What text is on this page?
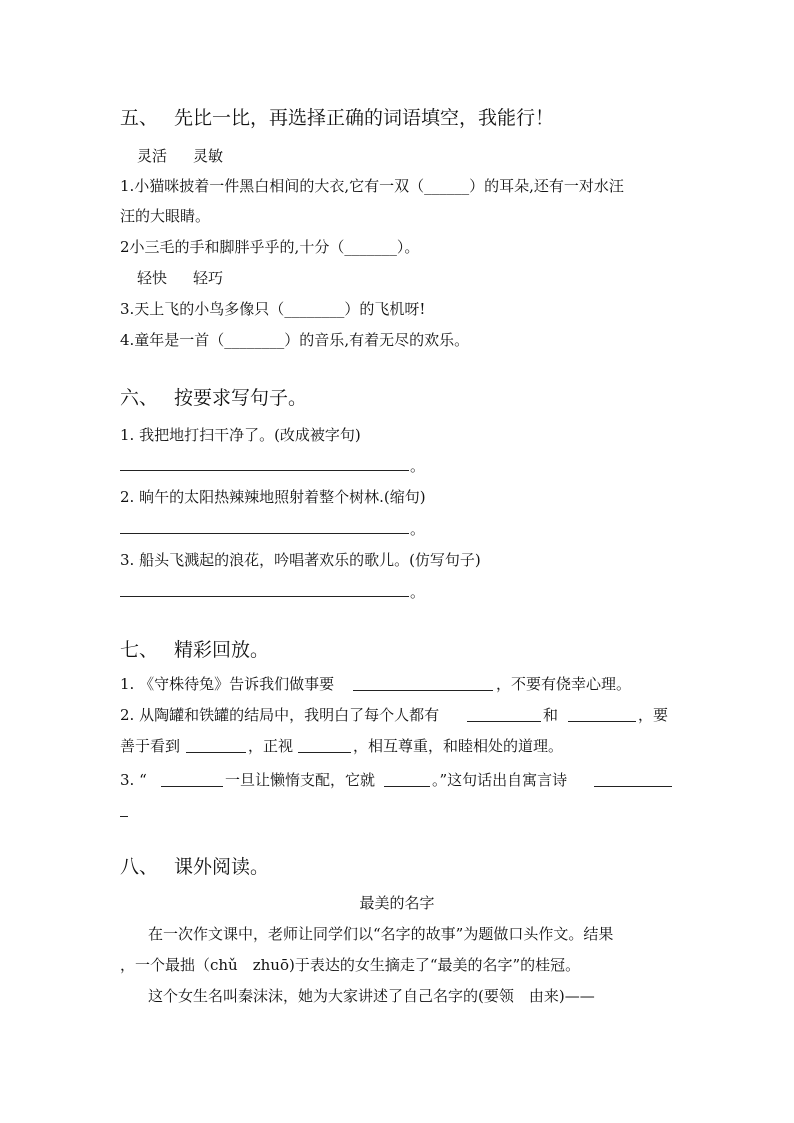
五、 先比一比，再选择正确的词语填空，我能行！
灵活 灵敏
1.小猫咪披着一件黑白相间的大衣,它有一双（______）的耳朵,还有一对水汪
汪的大眼睛。
2小三毛的手和脚胖乎乎的,十分（_______）。
轻快 轻巧
3.天上飞的小鸟多像只（________）的飞机呀!
4.童年是一首（________）的音乐,有着无尽的欢乐。
六、 按要求写句子。
1. 我把地打扫干净了。(改成被字句)
。
2. 晌午的太阳热辣辣地照射着整个树林.(缩句)
。
3. 船头飞溅起的浪花，吟唱著欢乐的歌儿。(仿写句子)
。
七、 精彩回放。
1. 《守株待兔》告诉我们做事要	，不要有侥幸心理。
2. 从陶罐和铁罐的结局中，我明白了每个人都有	和	，要
善于看到	，正视	，相互尊重，和睦相处的道理。
3. “	一旦让懒惰支配，它就	。”这句话出自寓言诗
八、 课外阅读。
最美的名字
在一次作文课中，老师让同学们以“名字的故事”为题做口头作文。结果
，一个最拙（chǔ　zhuō)于表达的女生摘走了“最美的名字”的桂冠。
这个女生名叫秦沫沫，她为大家讲述了自己名字的(要领　由来)——
